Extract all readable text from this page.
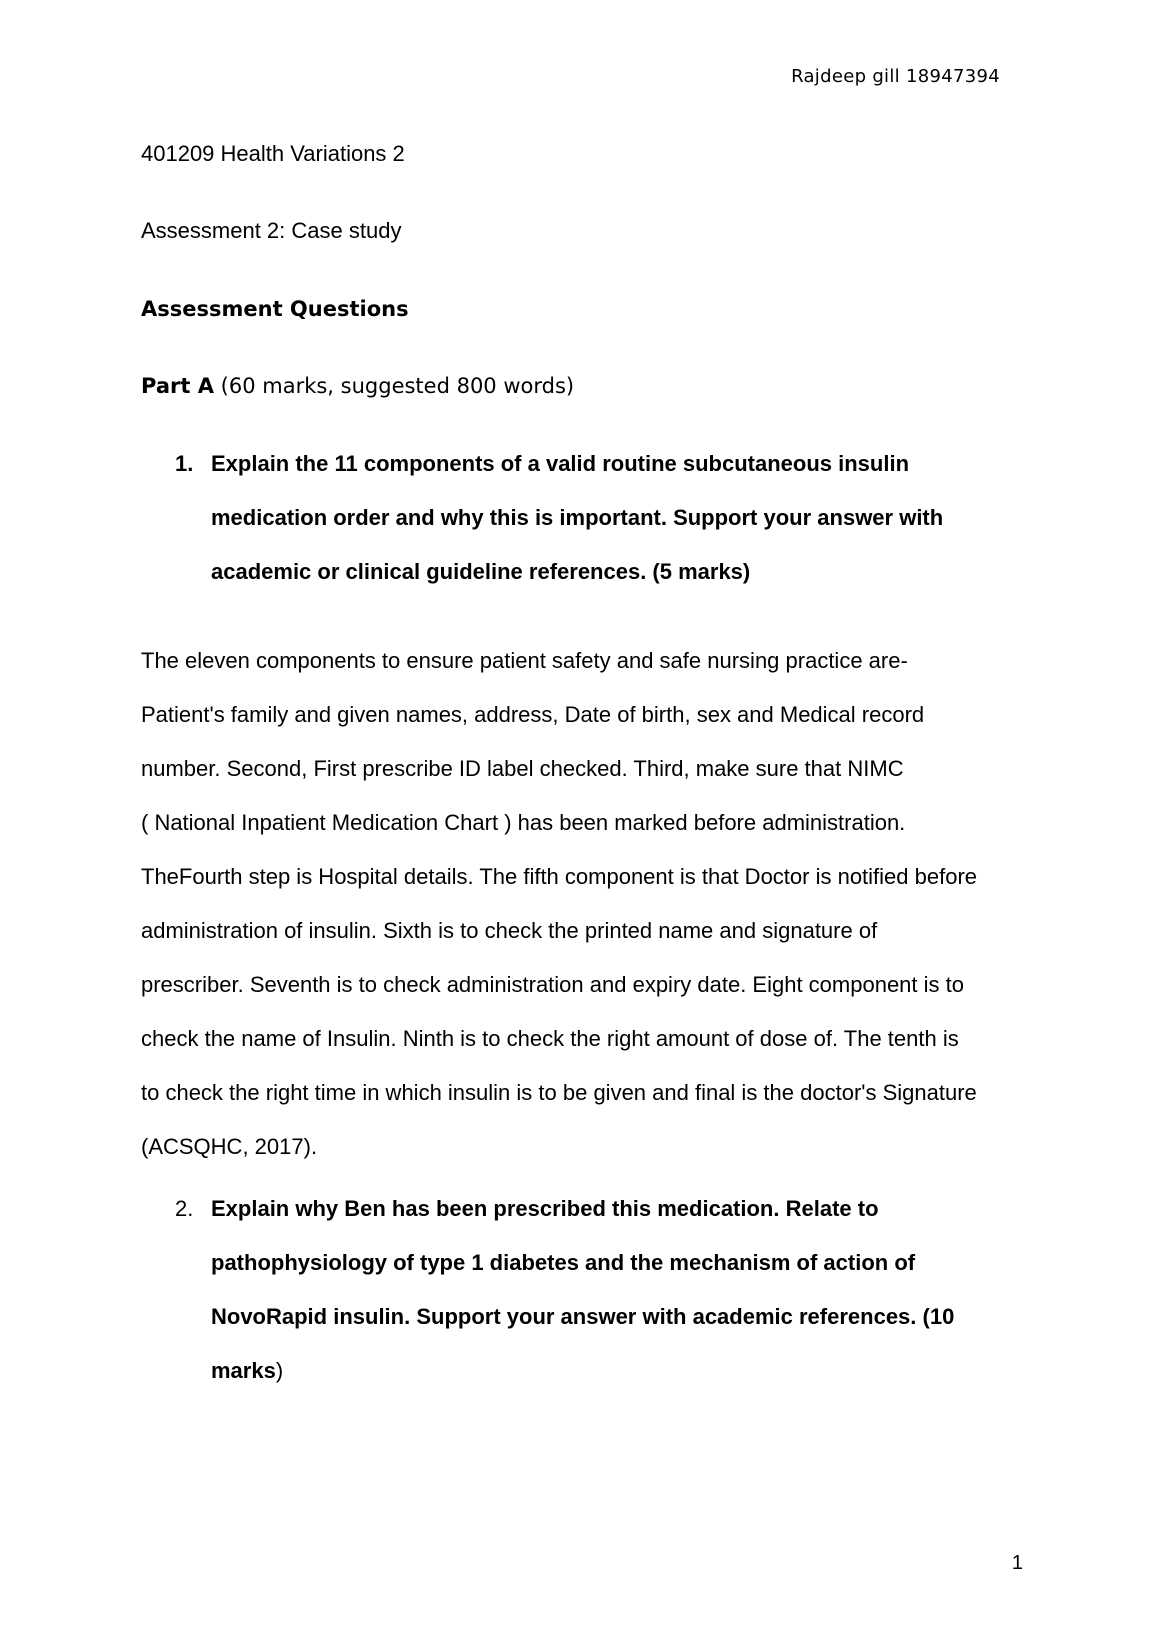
Rajdeep gill 18947394

401209 Health Variations 2

Assessment 2: Case study

Assessment Questions

Part A (60 marks, suggested 800 words)

1. Explain the 11 components of a valid routine subcutaneous insulin
medication order and why this is important. Support your answer with
academic or clinical guideline references. (5 marks)

The eleven components to ensure patient safety and safe nursing practice are-
Patient's family and given names, address, Date of birth, sex and Medical record
number. Second, First prescribe ID label checked. Third, make sure that NIMC
( National Inpatient Medication Chart ) has been marked before administration.
TheFourth step is Hospital details. The fifth component is that Doctor is notified before
administration of insulin. Sixth is to check the printed name and signature of
prescriber. Seventh is to check administration and expiry date. Eight component is to
check the name of Insulin. Ninth is to check the right amount of dose of. The tenth is
to check the right time in which insulin is to be given and final is the doctor's Signature
(ACSQHC, 2017).
2. Explain why Ben has been prescribed this medication. Relate to
pathophysiology of type 1 diabetes and the mechanism of action of
NovoRapid insulin. Support your answer with academic references. (10
marks)

1
